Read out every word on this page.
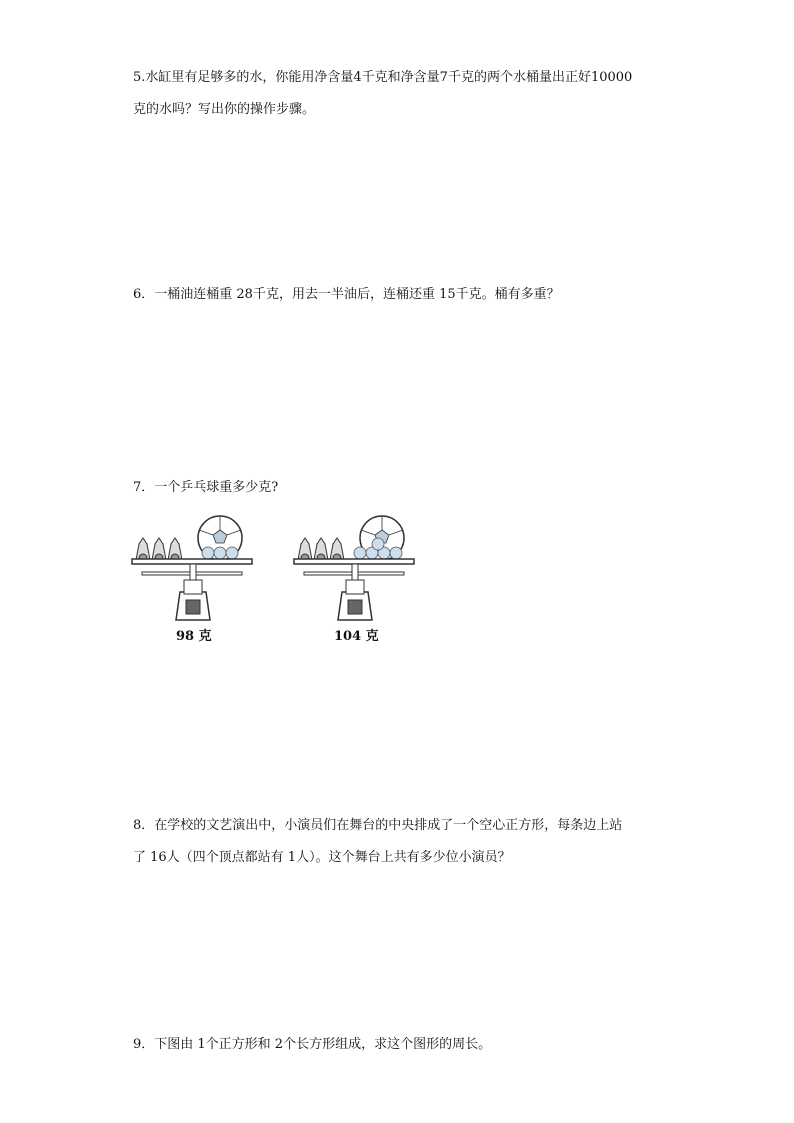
5.水缸里有足够多的水，你能用净含量4千克和净含量7千克的两个水桶量出正好10000
克的水吗？写出你的操作步骤。
6．一桶油连桶重 28千克，用去一半油后，连桶还重 15千克。桶有多重？
7．一个乒乓球重多少克?
98 克	104 克
8．在学校的文艺演出中，小演员们在舞台的中央排成了一个空心正方形，每条边上站
了 16人（四个顶点都站有 1人）。这个舞台上共有多少位小演员？
9．下图由 1个正方形和 2个长方形组成，求这个图形的周长。
